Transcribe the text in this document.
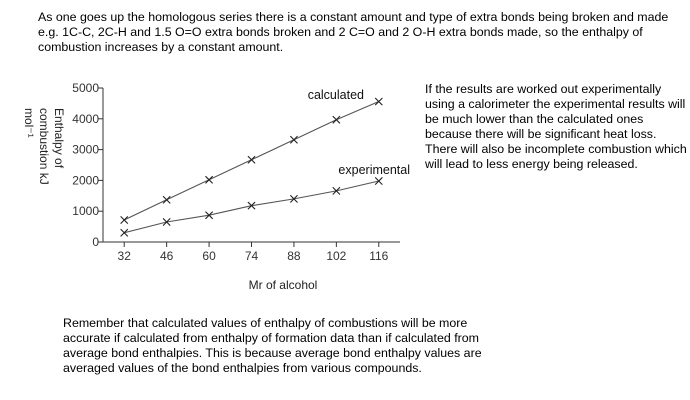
As one goes up the homologous series there is a constant amount and type of extra bonds being broken and made e.g. 1C-C, 2C-H and 1.5 O=O extra bonds broken and 2 C=O and 2 O-H extra bonds made, so the enthalpy of combustion increases by a constant amount.

0
1000
2000
3000
4000
5000
32 46 60 74 88 102 116
calculated
experimental
Mr of alcohol
Enthalpy of
combustion kJ
mol⁻¹

If the results are worked out experimentally using a calorimeter the experimental results will be much lower than the calculated ones because there will be significant heat loss. There will also be incomplete combustion which will lead to less energy being released.

Remember that calculated values of enthalpy of combustions will be more accurate if calculated from enthalpy of formation data than if calculated from average bond enthalpies. This is because average bond enthalpy values are averaged values of the bond enthalpies from various compounds.
